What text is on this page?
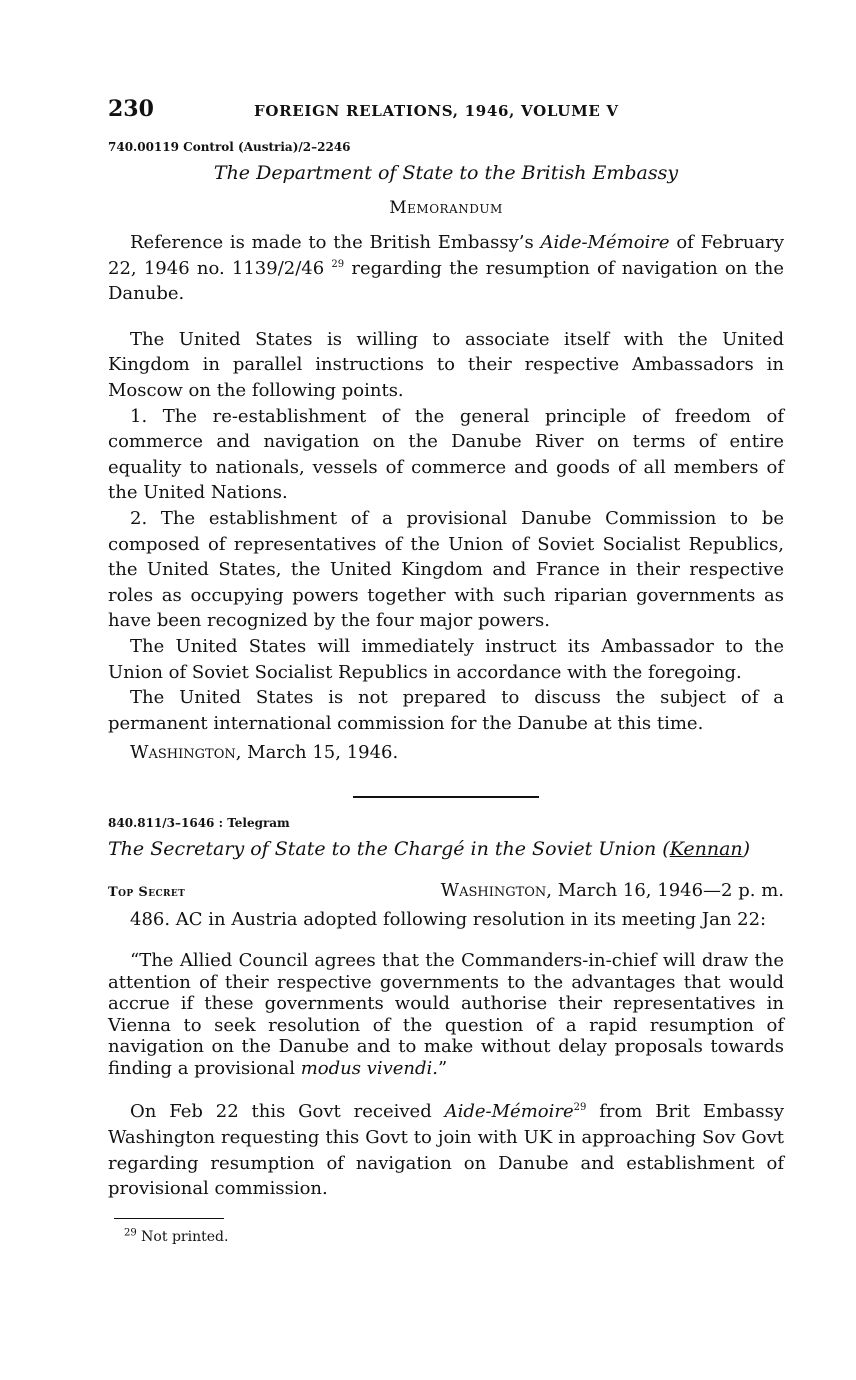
230	FOREIGN RELATIONS, 1946, VOLUME V
740.00119 Control (Austria)/2–2246
The Department of State to the British Embassy
Memorandum

Reference is made to the British Embassy’s Aide-Mémoire of February 22, 1946 no. 1139/2/46 $^{29}$ regarding the resumption of navigation on the Danube.

The United States is willing to associate itself with the United Kingdom in parallel instructions to their respective Ambassadors in Moscow on the following points.

1. The re-establishment of the general principle of freedom of commerce and navigation on the Danube River on terms of entire equality to nationals, vessels of commerce and goods of all members of the United Nations.

2. The establishment of a provisional Danube Commission to be composed of representatives of the Union of Soviet Socialist Republics, the United States, the United Kingdom and France in their respective roles as occupying powers together with such riparian governments as have been recognized by the four major powers.

The United States will immediately instruct its Ambassador to the Union of Soviet Socialist Republics in accordance with the foregoing.

The United States is not prepared to discuss the subject of a permanent international commission for the Danube at this time.

Washington, March 15, 1946.
840.811/3–1646 : Telegram
The Secretary of State to the Chargé in the Soviet Union (Kennan)
Top Secret	Washington, March 16, 1946—2 p. m.

486. AC in Austria adopted following resolution in its meeting Jan 22:

“The Allied Council agrees that the Commanders-in-chief will draw the attention of their respective governments to the advantages that would accrue if these governments would authorise their representatives in Vienna to seek resolution of the question of a rapid resumption of navigation on the Danube and to make without delay proposals towards finding a provisional modus vivendi.”

On Feb 22 this Govt received Aide-Mémoire$^{29}$ from Brit Embassy Washington requesting this Govt to join with UK in approaching Sov Govt regarding resumption of navigation on Danube and establishment of provisional commission.

$^{29}$ Not printed.
